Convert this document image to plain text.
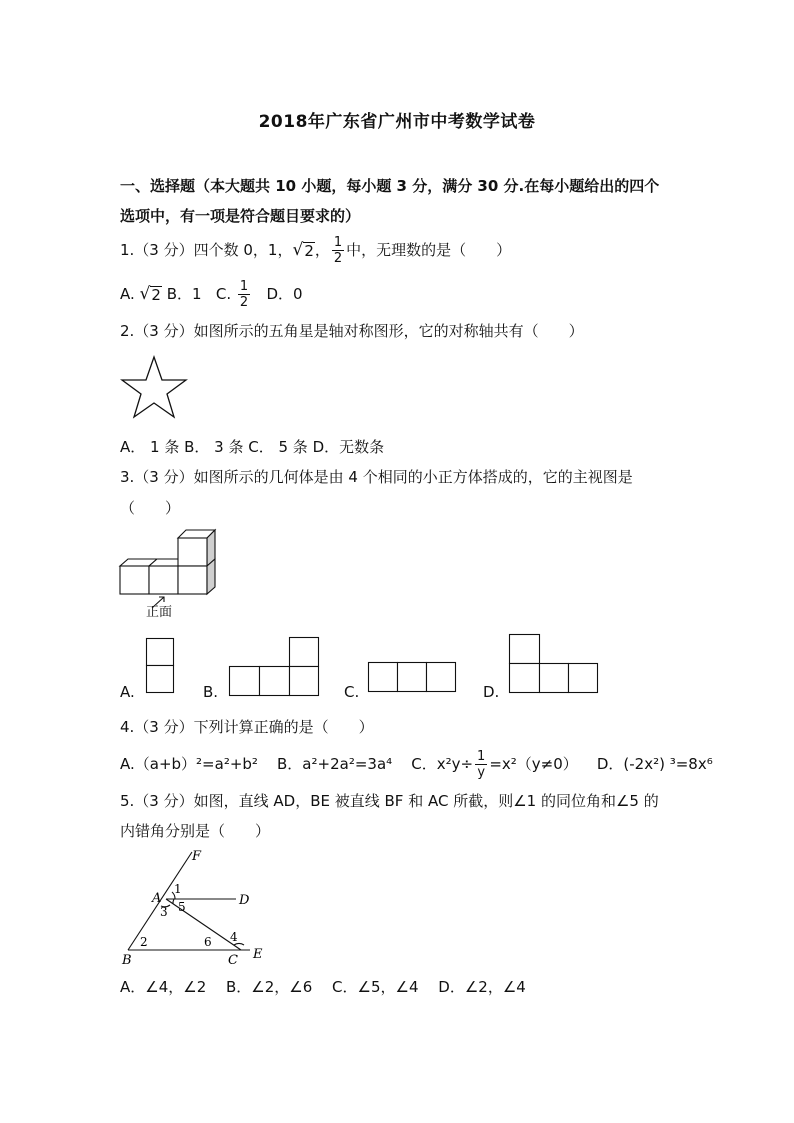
2018年广东省广州市中考数学试卷
一、选择题（本大题共 10 小题，每小题 3 分，满分 30 分.在每小题给出的四个
选项中，有一项是符合题目要求的）
1.（3 分）四个数 0，1， √ 2 ， $\frac{1}{2}$ 中，无理数的是（　　）
A. √ 2 B．1 C. $\frac{1}{2}$ D．0
2.（3 分）如图所示的五角星是轴对称图形，它的对称轴共有（　　）
A． 1 条 B． 3 条 C． 5 条 D．无数条
3.（3 分）如图所示的几何体是由 4 个相同的小正方体搭成的，它的主视图是
（　　）
正面
A.	B.	C.	D.
4.（3 分）下列计算正确的是（　　）
A.（a+b）²=a²+b² B．a²+2a²=3a⁴ C．$x^2y\div \frac{1}{y} =x^2(y\ne 0)$ D．(-2x²) ³=8x⁶
5.（3 分）如图，直线 AD，BE 被直线 BF 和 AC 所截，则∠1 的同位角和∠5 的
内错角分别是（　　）
F
A	D
B	C E
1
2
3
4
5
6
A．∠4，∠2　 B．∠2，∠6　 C．∠5，∠4　 D．∠2，∠4
